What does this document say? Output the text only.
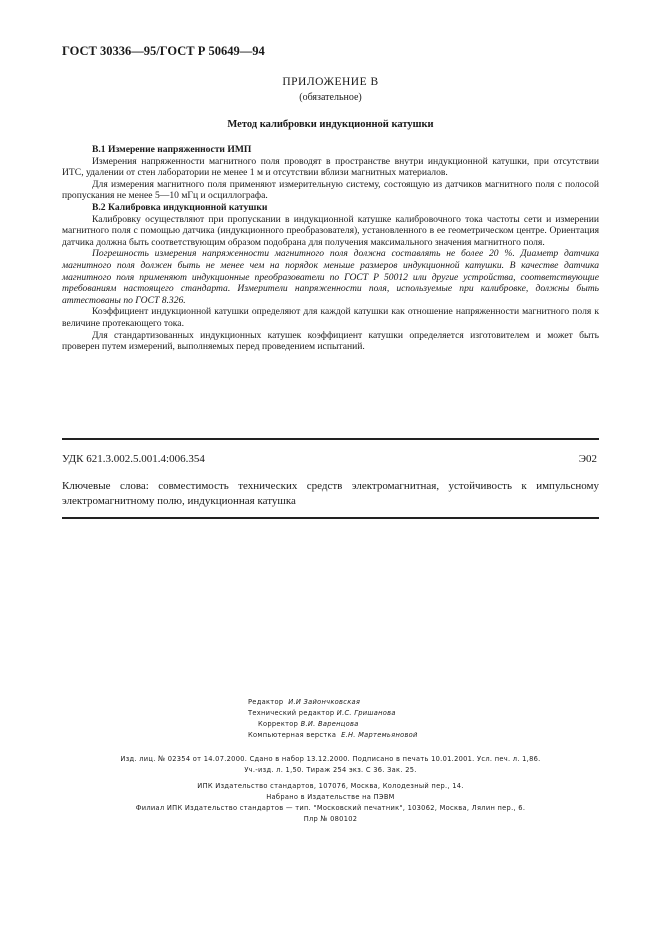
ГОСТ 30336—95/ГОСТ Р 50649—94
ПРИЛОЖЕНИЕ В
(обязательное)
Метод калибровки индукционной катушки
В.1 Измерение напряженности ИМП

Измерения напряженности магнитного поля проводят в пространстве внутри индукционной катушки, при отсутствии ИТС, удалении от стен лаборатории не менее 1 м и отсутствии вблизи магнитных материалов.

Для измерения магнитного поля применяют измерительную систему, состоящую из датчиков магнитного поля с полосой пропускания не менее 5—10 мГц и осциллографа.

В.2 Калибровка индукционной катушки

Калибровку осуществляют при пропускании в индукционной катушке калибровочного тока частоты сети и измерении магнитного поля с помощью датчика (индукционного преобразователя), установленного в ее геометрическом центре. Ориентация датчика должна быть соответствующим образом подобрана для получения максимального значения магнитного поля.

Погрешность измерения напряженности магнитного поля должна составлять не более 20 %. Диаметр датчика магнитного поля должен быть не менее чем на порядок меньше размеров индукционной катушки. В качестве датчика магнитного поля применяют индукционные преобразователи по ГОСТ Р 50012 или другие устройства, соответствующие требованиям настоящего стандарта. Измерители напряженности поля, используемые при калибровке, должны быть аттестованы по ГОСТ 8.326.

Коэффициент индукционной катушки определяют для каждой катушки как отношение напряженности магнитного поля к величине протекающего тока.

Для стандартизованных индукционных катушек коэффициент катушки определяется изготовителем и может быть проверен путем измерений, выполняемых перед проведением испытаний.

УДК 621.3.002.5.001.4:006.354	Э02
Ключевые слова: совместимость технических средств электромагнитная, устойчивость к импульсному электромагнитному полю, индукционная катушка
Редактор И.И Зайончковская
Технический редактор И.С. Гришанова
Корректор В.И. Варенцова
Компьютерная верстка Е.Н. Мартемьяновой
Изд. лиц. № 02354 от 14.07.2000. Сдано в набор 13.12.2000. Подписано в печать 10.01.2001. Усл. печ. л. 1,86.
Уч.-изд. л. 1,50. Тираж 254 экз. С 36. Зак. 25.
ИПК Издательство стандартов, 107076, Москва, Колодезный пер., 14.
Набрано в Издательстве на ПЭВМ
Филиал ИПК Издательство стандартов — тип. "Московский печатник", 103062, Москва, Лялин пер., 6.
Плр № 080102
